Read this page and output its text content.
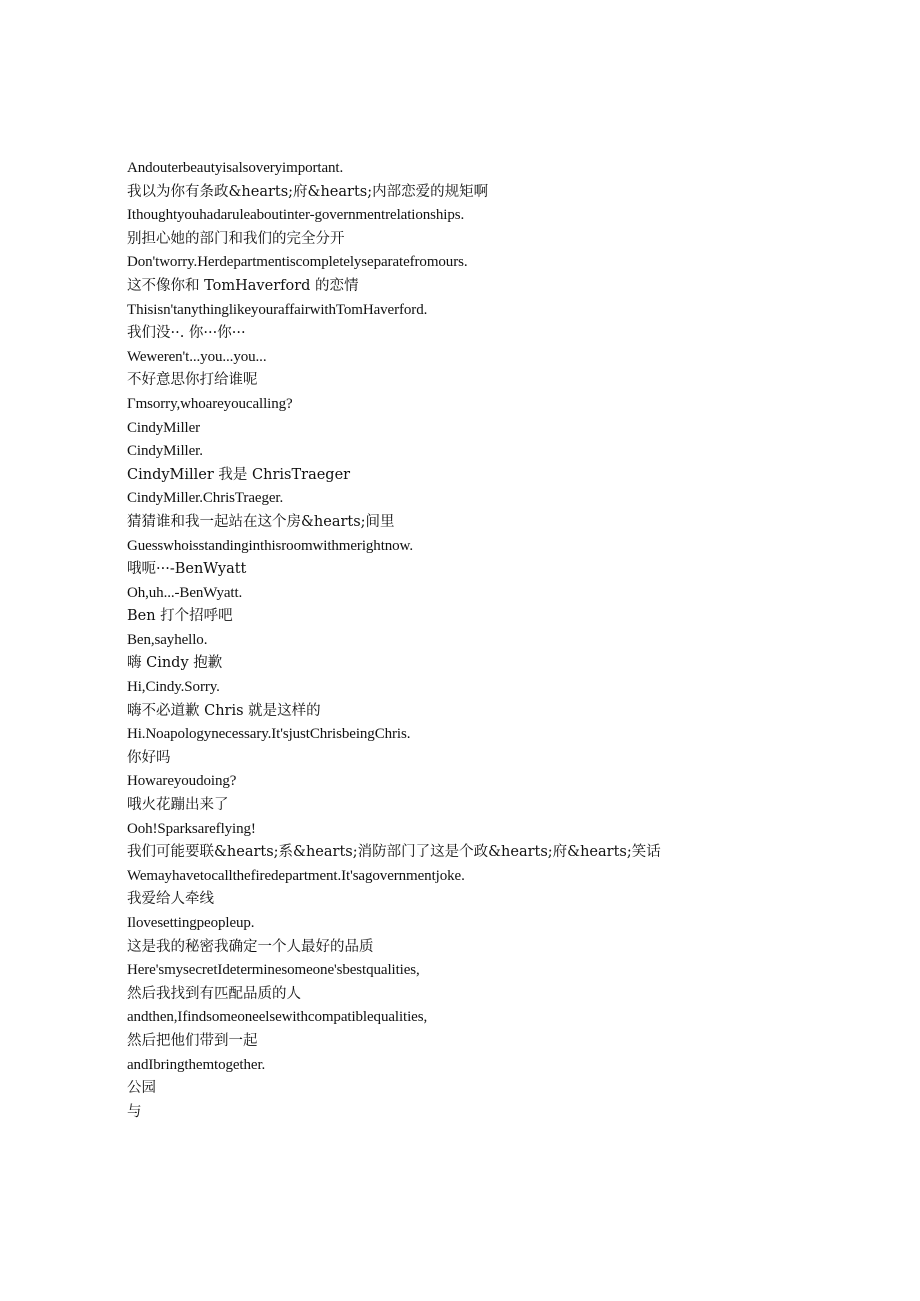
Andouterbeautyisalsoveryimportant.
我以为你有条政&hearts;府&hearts;内部恋爱的规矩啊
Ithoughtyouhadaruleaboutinter-governmentrelationships.
别担心她的部门和我们的完全分开
Don'tworry.Herdepartmentiscompletelyseparatefromours.
这不像你和 TomHaverford 的恋情
Thisisn'tanythinglikeyouraffairwithTomHaverford.
我们没··. 你···你···
Weweren't...you...you...
不好意思你打给谁呢
Γmsorry,whoareyoucalling?
CindyMiller
CindyMiller.
CindyMiller 我是 ChrisTraeger
CindyMiller.ChrisTraeger.
猜猜谁和我一起站在这个房&hearts;间里
Guesswhoisstandinginthisroomwithmerightnow.
哦呃···-BenWyatt
Oh,uh...-BenWyatt.
Ben 打个招呼吧
Ben,sayhello.
嗨 Cindy 抱歉
Hi,Cindy.Sorry.
嗨不必道歉 Chris 就是这样的
Hi.Noapologynecessary.It'sjustChrisbeingChris.
你好吗
Howareyoudoing?
哦火花蹦出来了
Ooh!Sparksareflying!
我们可能要联&hearts;系&hearts;消防部门了这是个政&hearts;府&hearts;笑话
Wemayhavetocallthefiredepartment.It'sagovernmentjoke.
我爱给人牵线
Ilovesettingpeopleup.
这是我的秘密我确定一个人最好的品质
Here'smysecretIdeterminesomeone'sbestqualities,
然后我找到有匹配品质的人
andthen,Ifindsomeoneelsewithcompatiblequalities,
然后把他们带到一起
andIbringthemtogether.
公园
与
